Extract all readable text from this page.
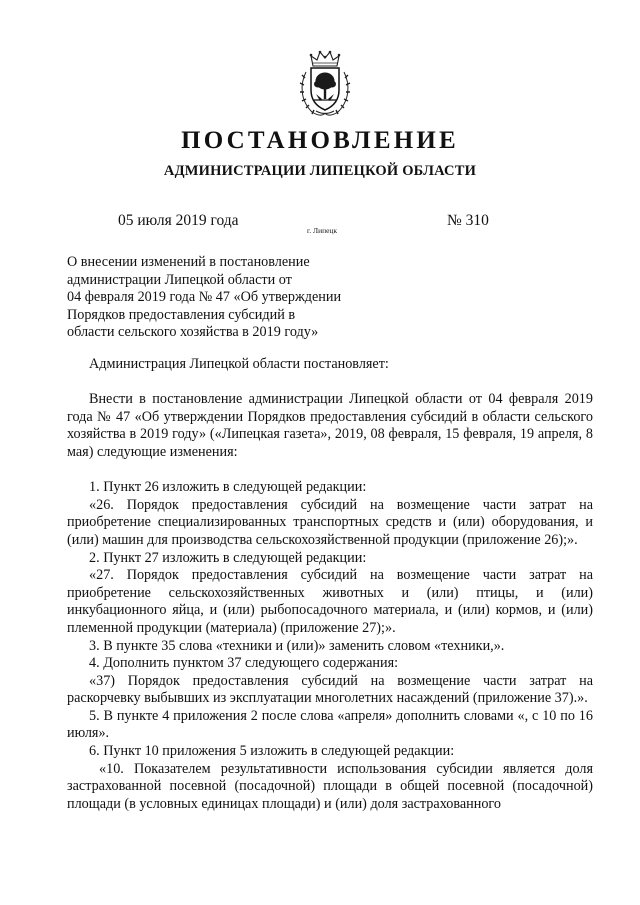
ПОСТАНОВЛЕНИЕ
АДМИНИСТРАЦИИ ЛИПЕЦКОЙ ОБЛАСТИ
05 июля 2019 года
г. Липецк
№ 310
О внесении изменений в постановление
администрации Липецкой области от
04 февраля 2019 года № 47 «Об утверждении
Порядков предоставления субсидий в
области сельского хозяйства в 2019 году»

Администрация Липецкой области постановляет:

Внести в постановление администрации Липецкой области от 04 февраля 2019 года № 47 «Об утверждении Порядков предоставления субсидий в области сельского хозяйства в 2019 году» («Липецкая газета», 2019, 08 февраля, 15 февраля, 19 апреля, 8 мая) следующие изменения:

1. Пункт 26 изложить в следующей редакции:

«26. Порядок предоставления субсидий на возмещение части затрат на приобретение специализированных транспортных средств и (или) оборудования, и (или) машин для производства сельскохозяйственной продукции (приложение 26);».

2. Пункт 27 изложить в следующей редакции:

«27. Порядок предоставления субсидий на возмещение части затрат на приобретение сельскохозяйственных животных и (или) птицы, и (или) инкубационного яйца, и (или) рыбопосадочного материала, и (или) кормов, и (или) племенной продукции (материала) (приложение 27);».

3. В пункте 35 слова «техники и (или)» заменить словом «техники,».

4. Дополнить пунктом 37 следующего содержания:

«37) Порядок предоставления субсидий на возмещение части затрат на раскорчевку выбывших из эксплуатации многолетних насаждений (приложение 37).».

5. В пункте 4 приложения 2 после слова «апреля» дополнить словами «, с 10 по 16 июля».

6. Пункт 10 приложения 5 изложить в следующей редакции:

«10. Показателем результативности использования субсидии является доля застрахованной посевной (посадочной) площади в общей посевной (посадочной) площади (в условных единицах площади) и (или) доля застрахованного
